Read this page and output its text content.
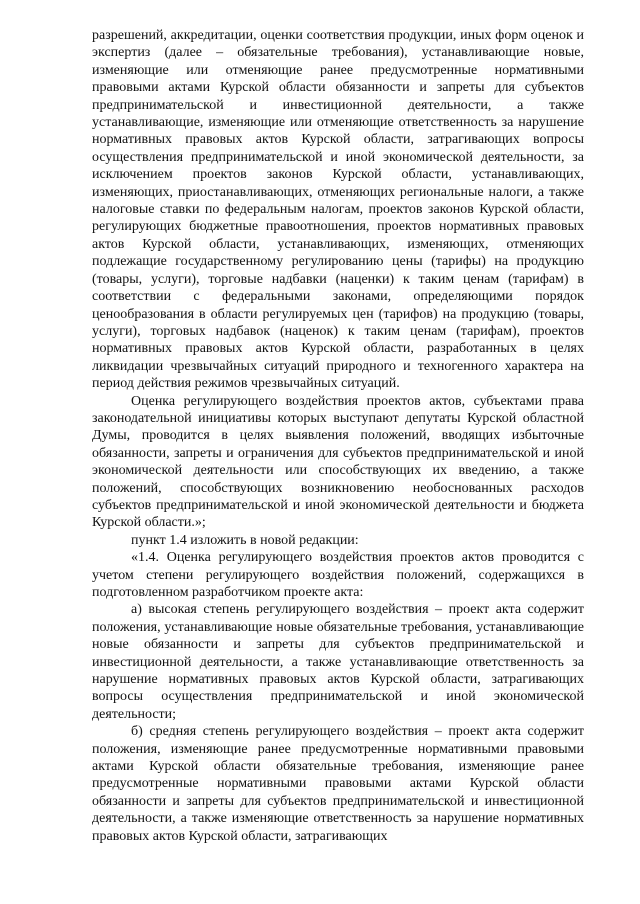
разрешений, аккредитации, оценки соответствия продукции, иных форм оценок и экспертиз (далее – обязательные требования), устанавливающие новые, изменяющие или отменяющие ранее предусмотренные нормативными правовыми актами Курской области обязанности и запреты для субъектов предпринимательской и инвестиционной деятельности, а также устанавливающие, изменяющие или отменяющие ответственность за нарушение нормативных правовых актов Курской области, затрагивающих вопросы осуществления предпринимательской и иной экономической деятельности, за исключением проектов законов Курской области, устанавливающих, изменяющих, приостанавливающих, отменяющих региональные налоги, а также налоговые ставки по федеральным налогам, проектов законов Курской области, регулирующих бюджетные правоотношения, проектов нормативных правовых актов Курской области, устанавливающих, изменяющих, отменяющих подлежащие государственному регулированию цены (тарифы) на продукцию (товары, услуги), торговые надбавки (наценки) к таким ценам (тарифам) в соответствии с федеральными законами, определяющими порядок ценообразования в области регулируемых цен (тарифов) на продукцию (товары, услуги), торговых надбавок (наценок) к таким ценам (тарифам), проектов нормативных правовых актов Курской области, разработанных в целях ликвидации чрезвычайных ситуаций природного и техногенного характера на период действия режимов чрезвычайных ситуаций.

Оценка регулирующего воздействия проектов актов, субъектами права законодательной инициативы которых выступают депутаты Курской областной Думы, проводится в целях выявления положений, вводящих избыточные обязанности, запреты и ограничения для субъектов предпринимательской и иной экономической деятельности или способствующих их введению, а также положений, способствующих возникновению необоснованных расходов субъектов предпринимательской и иной экономической деятельности и бюджета Курской области.»;

пункт 1.4 изложить в новой редакции:

«1.4. Оценка регулирующего воздействия проектов актов проводится с учетом степени регулирующего воздействия положений, содержащихся в подготовленном разработчиком проекте акта:

а) высокая степень регулирующего воздействия – проект акта содержит положения, устанавливающие новые обязательные требования, устанавливающие новые обязанности и запреты для субъектов предпринимательской и инвестиционной деятельности, а также устанавливающие ответственность за нарушение нормативных правовых актов Курской области, затрагивающих вопросы осуществления предпринимательской и иной экономической деятельности;

б) средняя степень регулирующего воздействия – проект акта содержит положения, изменяющие ранее предусмотренные нормативными правовыми актами Курской области обязательные требования, изменяющие ранее предусмотренные нормативными правовыми актами Курской области обязанности и запреты для субъектов предпринимательской и инвестиционной деятельности, а также изменяющие ответственность за нарушение нормативных правовых актов Курской области, затрагивающих
